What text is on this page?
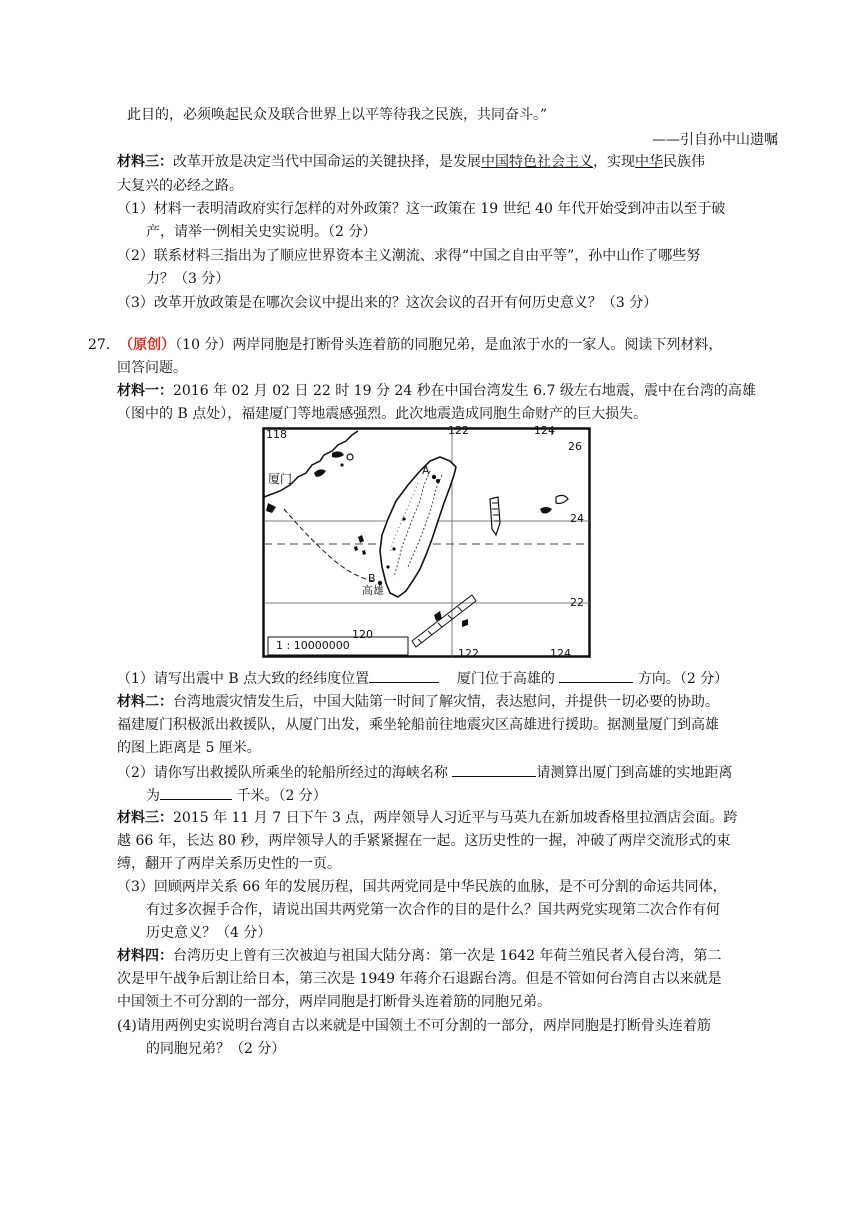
此目的，必须唤起民众及联合世界上以平等待我之民族，共同奋斗。”
——引自孙中山遗嘱
材料三：改革开放是决定当代中国命运的关键抉择，是发展中国特色社会主义，实现中华民族伟
大复兴的必经之路。
（1）材料一表明清政府实行怎样的对外政策？这一政策在 19 世纪 40 年代开始受到冲击以至于破
产，请举一例相关史实说明。（2 分）
（2）联系材料三指出为了顺应世界资本主义潮流、求得“中国之自由平等”，孙中山作了哪些努
力？（3 分）
（3）改革开放政策是在哪次会议中提出来的？这次会议的召开有何历史意义？（3 分）
27. （原创）（10 分）两岸同胞是打断骨头连着筋的同胞兄弟，是血浓于水的一家人。阅读下列材料，
回答问题。
材料一：2016 年 02 月 02 日 22 时 19 分 24 秒在中国台湾发生 6.7 级左右地震，震中在台湾的高雄
（图中的 B 点处），福建厦门等地震感强烈。此次地震造成同胞生命财产的巨大损失。
118	122	124
26
24
22
120
122	124
厦门
高雄
A
B
1 : 10000000
（1）请写出震中 B 点大致的经纬度位置	厦门位于高雄的	方向。（2 分）
材料二：台湾地震灾情发生后，中国大陆第一时间了解灾情，表达慰问，并提供一切必要的协助。
福建厦门积极派出救援队，从厦门出发，乘坐轮船前往地震灾区高雄进行援助。据测量厦门到高雄
的图上距离是 5 厘米。
（2）请你写出救援队所乘坐的轮船所经过的海峡名称	请测算出厦门到高雄的实地距离
为	千米。（2 分）
材料三：2015 年 11 月 7 日下午 3 点，两岸领导人习近平与马英九在新加坡香格里拉酒店会面。跨
越 66 年，长达 80 秒，两岸领导人的手紧紧握在一起。这历史性的一握，冲破了两岸交流形式的束
缚，翻开了两岸关系历史性的一页。
（3）回顾两岸关系 66 年的发展历程，国共两党同是中华民族的血脉，是不可分割的命运共同体，
有过多次握手合作，请说出国共两党第一次合作的目的是什么？国共两党实现第二次合作有何
历史意义？（4 分）
材料四：台湾历史上曾有三次被迫与祖国大陆分离：第一次是 1642 年荷兰殖民者入侵台湾，第二
次是甲午战争后割让给日本，第三次是 1949 年蒋介石退踞台湾。但是不管如何台湾自古以来就是
中国领土不可分割的一部分，两岸同胞是打断骨头连着筋的同胞兄弟。
(4)请用两例史实说明台湾自古以来就是中国领土不可分割的一部分，两岸同胞是打断骨头连着筋
的同胞兄弟？（2 分）
